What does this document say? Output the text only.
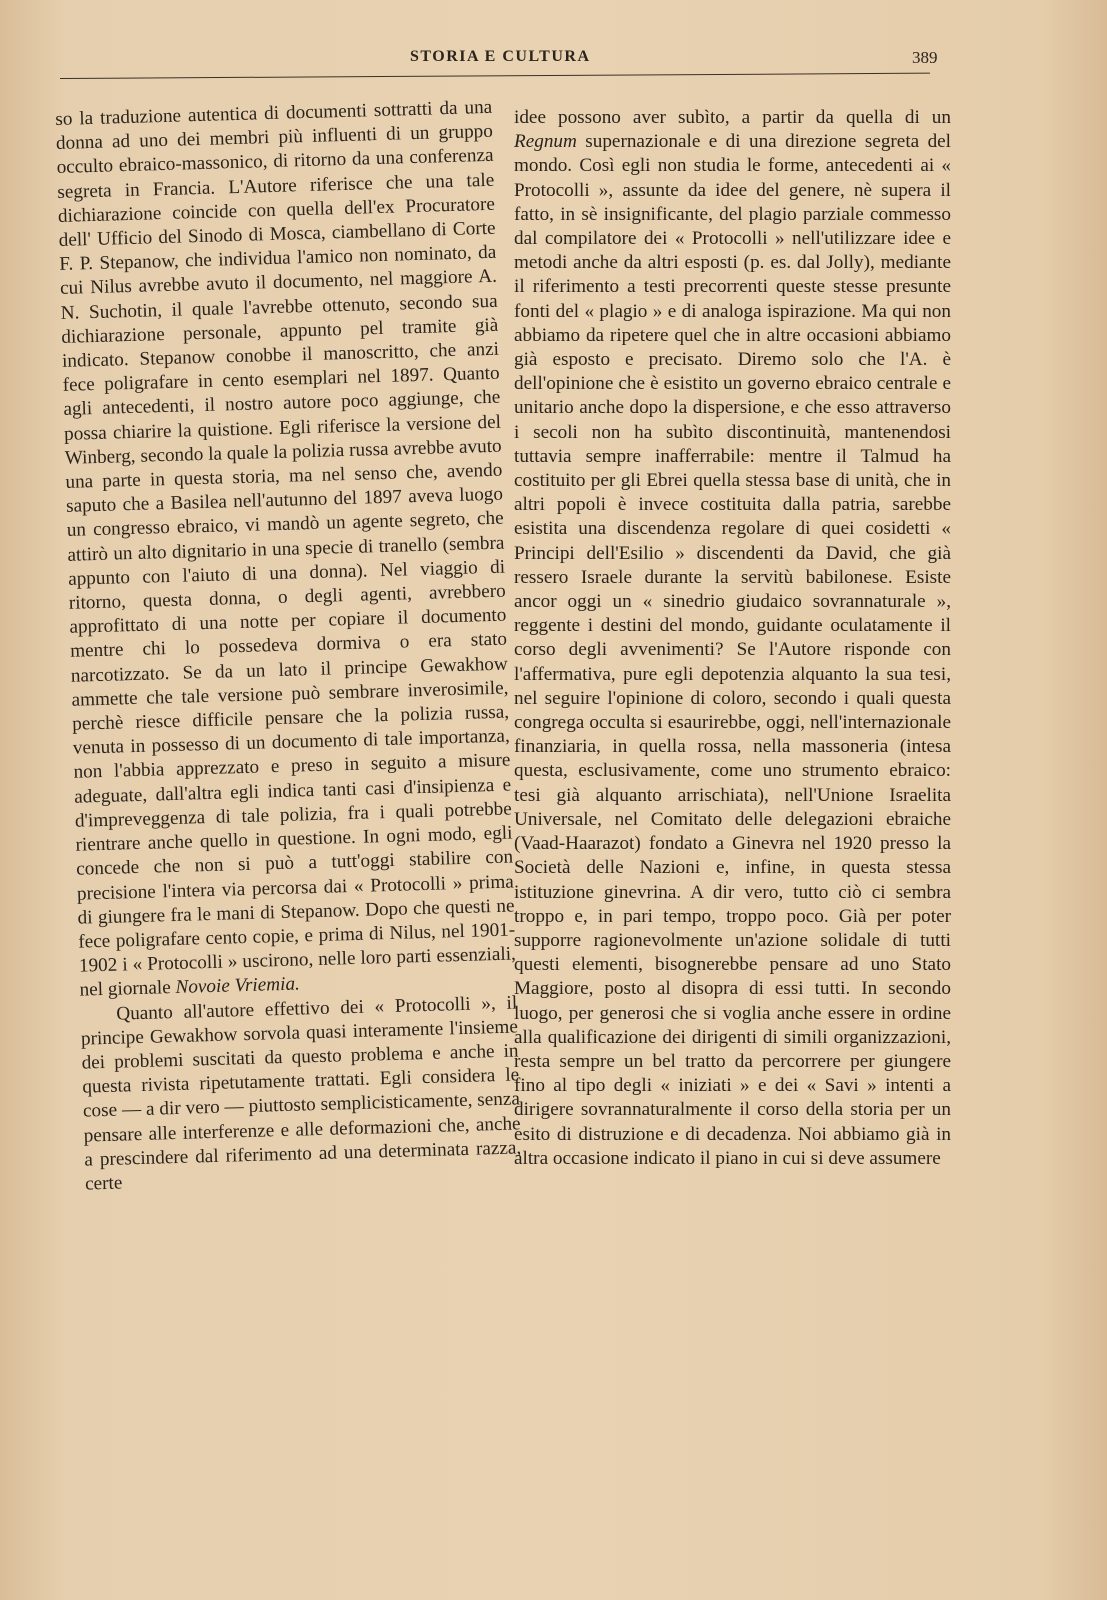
STORIA E CULTURA	389

so la traduzione autentica di documenti sottratti da una donna ad uno dei membri più influenti di un gruppo occulto ebraico-massonico, di ritorno da una conferenza segreta in Francia. L'Autore riferisce che una tale dichiarazione coincide con quella dell'ex Procuratore dell' Ufficio del Sinodo di Mosca, ciambellano di Corte F. P. Stepanow, che individua l'amico non nominato, da cui Nilus avrebbe avuto il documento, nel maggiore A. N. Suchotin, il quale l'avrebbe ottenuto, secondo sua dichiarazione personale, appunto pel tramite già indicato. Stepanow conobbe il manoscritto, che anzi fece poligrafare in cento esemplari nel 1897. Quanto agli antecedenti, il nostro autore poco aggiunge, che possa chiarire la quistione. Egli riferisce la versione del Winberg, secondo la quale la polizia russa avrebbe avuto una parte in questa storia, ma nel senso che, avendo saputo che a Basilea nell'autunno del 1897 aveva luogo un congresso ebraico, vi mandò un agente segreto, che attirò un alto dignitario in una specie di tranello (sembra appunto con l'aiuto di una donna). Nel viaggio di ritorno, questa donna, o degli agenti, avrebbero approfittato di una notte per copiare il documento mentre chi lo possedeva dormiva o era stato narcotizzato. Se da un lato il principe Gewakhow ammette che tale versione può sembrare inverosimile, perchè riesce difficile pensare che la polizia russa, venuta in possesso di un documento di tale importanza, non l'abbia apprezzato e preso in seguito a misure adeguate, dall'altra egli indica tanti casi d'insipienza e d'impreveggenza di tale polizia, fra i quali potrebbe rientrare anche quello in questione. In ogni modo, egli concede che non si può a tutt'oggi stabilire con precisione l'intera via percorsa dai « Protocolli » prima di giungere fra le mani di Stepanow. Dopo che questi ne fece poligrafare cento copie, e prima di Nilus, nel 1901-1902 i « Protocolli » uscirono, nelle loro parti essenziali, nel giornale Novoie Vriemia.

Quanto all'autore effettivo dei « Protocolli », il principe Gewakhow sorvola quasi interamente l'insieme dei problemi suscitati da questo problema e anche in questa rivista ripetutamente trattati. Egli considera le cose — a dir vero — piuttosto semplicisticamente, senza pensare alle interferenze e alle deformazioni che, anche a prescindere dal riferimento ad una determinata razza, certe

idee possono aver subìto, a partir da quella di un Regnum supernazionale e di una direzione segreta del mondo. Così egli non studia le forme, antecedenti ai « Protocolli », assunte da idee del genere, nè supera il fatto, in sè insignificante, del plagio parziale commesso dal compilatore dei « Protocolli » nell'utilizzare idee e metodi anche da altri esposti (p. es. dal Jolly), mediante il riferimento a testi precorrenti queste stesse presunte fonti del « plagio » e di analoga ispirazione. Ma qui non abbiamo da ripetere quel che in altre occasioni abbiamo già esposto e precisato. Diremo solo che l'A. è dell'opinione che è esistito un governo ebraico centrale e unitario anche dopo la dispersione, e che esso attraverso i secoli non ha subìto discontinuità, mantenendosi tuttavia sempre inafferrabile: mentre il Talmud ha costituito per gli Ebrei quella stessa base di unità, che in altri popoli è invece costituita dalla patria, sarebbe esistita una discendenza regolare di quei cosidetti « Principi dell'Esilio » discendenti da David, che già ressero Israele durante la servitù babilonese. Esiste ancor oggi un « sinedrio giudaico sovrannaturale », reggente i destini del mondo, guidante oculatamente il corso degli avvenimenti? Se l'Autore risponde con l'affermativa, pure egli depotenzia alquanto la sua tesi, nel seguire l'opinione di coloro, secondo i quali questa congrega occulta si esaurirebbe, oggi, nell'internazionale finanziaria, in quella rossa, nella massoneria (intesa questa, esclusivamente, come uno strumento ebraico: tesi già alquanto arrischiata), nell'Unione Israelita Universale, nel Comitato delle delegazioni ebraiche (Vaad-Haarazot) fondato a Ginevra nel 1920 presso la Società delle Nazioni e, infine, in questa stessa istituzione ginevrina. A dir vero, tutto ciò ci sembra troppo e, in pari tempo, troppo poco. Già per poter supporre ragionevolmente un'azione solidale di tutti questi elementi, bisognerebbe pensare ad uno Stato Maggiore, posto al disopra di essi tutti. In secondo luogo, per generosi che si voglia anche essere in ordine alla qualificazione dei dirigenti di simili organizzazioni, resta sempre un bel tratto da percorrere per giungere fino al tipo degli « iniziati » e dei « Savi » intenti a dirigere sovrannaturalmente il corso della storia per un esito di distruzione e di decadenza. Noi abbiamo già in altra occasione indicato il piano in cui si deve assumere
